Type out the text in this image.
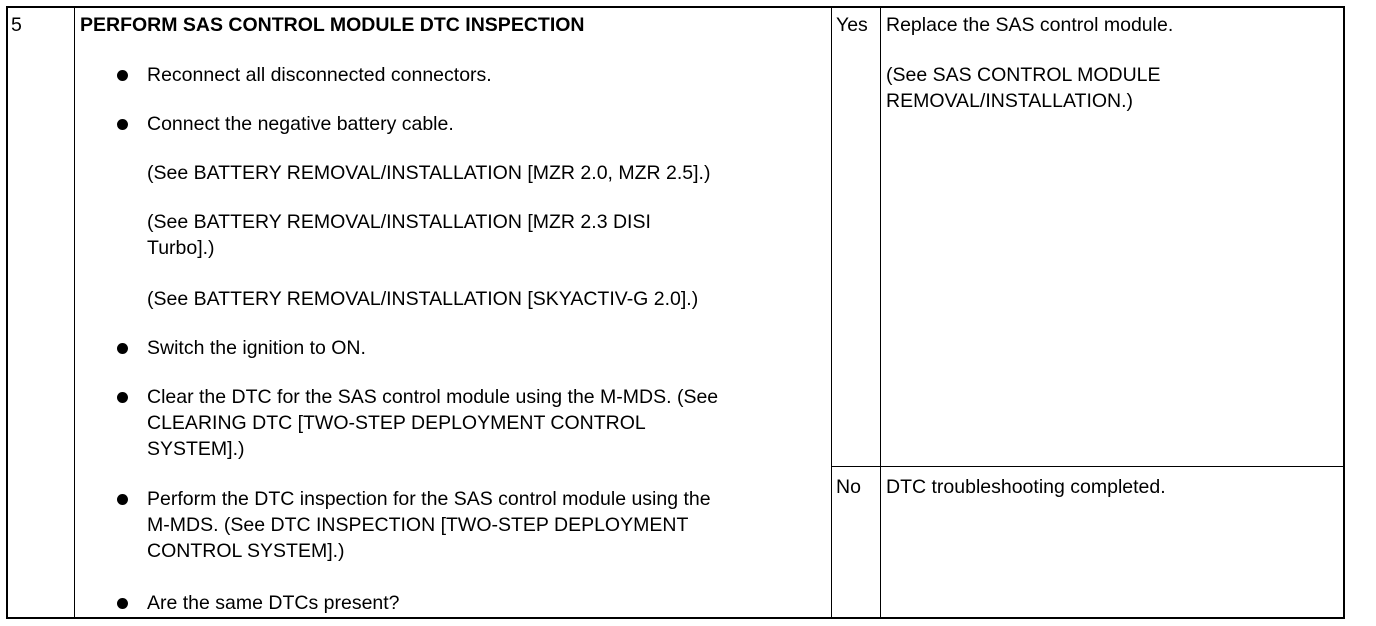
5	PERFORM SAS CONTROL MODULE DTC INSPECTION
Reconnect all disconnected connectors.
Connect the negative battery cable.
(See BATTERY REMOVAL/INSTALLATION [MZR 2.0, MZR 2.5].)
(See BATTERY REMOVAL/INSTALLATION [MZR 2.3 DISI
Turbo].)
(See BATTERY REMOVAL/INSTALLATION [SKYACTIV-G 2.0].)
Switch the ignition to ON.
Clear the DTC for the SAS control module using the M-MDS. (See
CLEARING DTC [TWO-STEP DEPLOYMENT CONTROL
SYSTEM].)
Perform the DTC inspection for the SAS control module using the
M-MDS. (See DTC INSPECTION [TWO-STEP DEPLOYMENT
CONTROL SYSTEM].)
Are the same DTCs present?
Yes Replace the SAS control module.
(See SAS CONTROL MODULE
REMOVAL/INSTALLATION.)
No DTC troubleshooting completed.
